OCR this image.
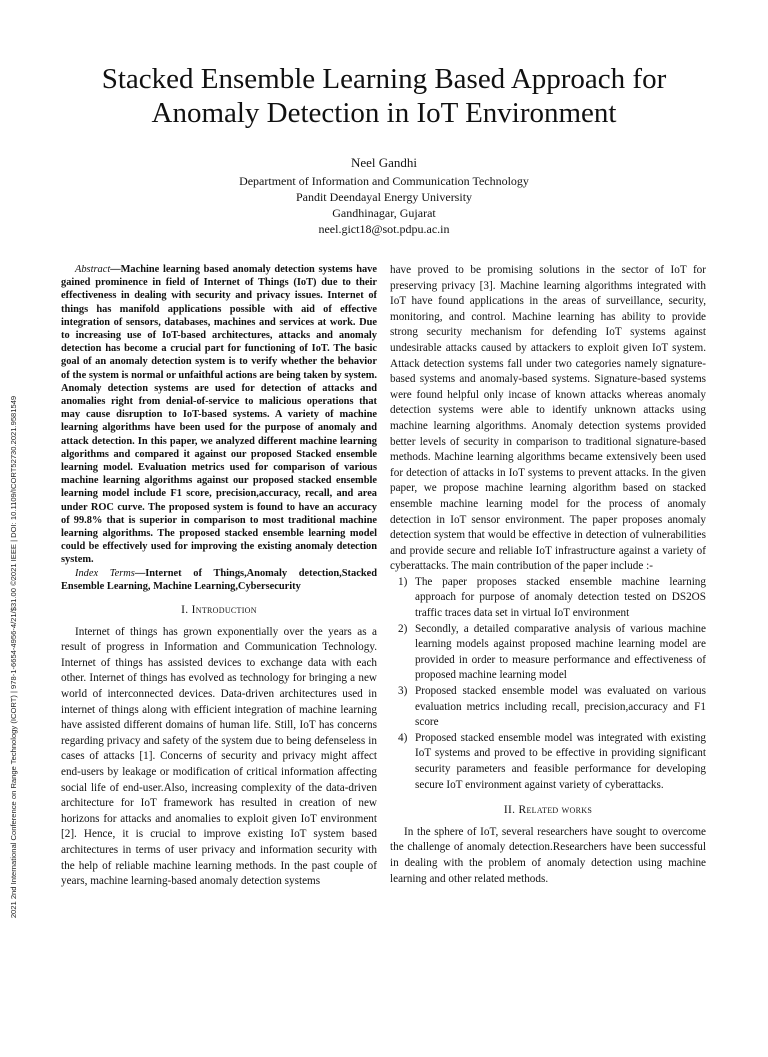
2021 2nd International Conference on Range Technology (ICORT) | 978-1-6654-4956-4/21/$31.00 ©2021 IEEE | DOI: 10.1109/ICORT52730.2021.9581549
Stacked Ensemble Learning Based Approach for Anomaly Detection in IoT Environment
Neel Gandhi
Department of Information and Communication Technology
Pandit Deendayal Energy University
Gandhinagar, Gujarat
neel.gict18@sot.pdpu.ac.in

Abstract—Machine learning based anomaly detection systems have gained prominence in field of Internet of Things (IoT) due to their effectiveness in dealing with security and privacy issues. Internet of things has manifold applications possible with aid of effective integration of sensors, databases, machines and services at work. Due to increasing use of IoT-based architectures, attacks and anomaly detection has become a crucial part for functioning of IoT. The basic goal of an anomaly detection system is to verify whether the behavior of the system is normal or unfaithful actions are being taken by system. Anomaly detection systems are used for detection of attacks and anomalies right from denial-of-service to malicious operations that may cause disruption to IoT-based systems. A variety of machine learning algorithms have been used for the purpose of anomaly and attack detection. In this paper, we analyzed different machine learning algorithms and compared it against our proposed Stacked ensemble learning model. Evaluation metrics used for comparison of various machine learning algorithms against our proposed stacked ensemble learning model include F1 score, precision,accuracy, recall, and area under ROC curve. The proposed system is found to have an accuracy of 99.8% that is superior in comparison to most traditional machine learning algorithms. The proposed stacked ensemble learning model could be effectively used for improving the existing anomaly detection system.

Index Terms—Internet of Things,Anomaly detection,Stacked Ensemble Learning, Machine Learning,Cybersecurity

I. Introduction

Internet of things has grown exponentially over the years as a result of progress in Information and Communication Technology. Internet of things has assisted devices to exchange data with each other. Internet of things has evolved as technology for bringing a new world of interconnected devices. Data-driven architectures used in internet of things along with efficient integration of machine learning have assisted different domains of human life. Still, IoT has concerns regarding privacy and safety of the system due to being defenseless in cases of attacks [1]. Concerns of security and privacy might affect end-users by leakage or modification of critical information affecting social life of end-user.Also, increasing complexity of the data-driven architecture for IoT framework has resulted in creation of new horizons for attacks and anomalies to exploit given IoT environment [2]. Hence, it is crucial to improve existing IoT system based architectures in terms of user privacy and information security with the help of reliable machine learning methods. In the past couple of years, machine learning-based anomaly detection systems

have proved to be promising solutions in the sector of IoT for preserving privacy [3]. Machine learning algorithms integrated with IoT have found applications in the areas of surveillance, security, monitoring, and control. Machine learning has ability to provide strong security mechanism for defending IoT systems against undesirable attacks caused by attackers to exploit given IoT system. Attack detection systems fall under two categories namely signature-based systems and anomaly-based systems. Signature-based systems were found helpful only incase of known attacks whereas anomaly detection systems were able to identify unknown attacks using machine learning algorithms. Anomaly detection systems provided better levels of security in comparison to traditional signature-based methods. Machine learning algorithms became extensively been used for detection of attacks in IoT systems to prevent attacks. In the given paper, we propose machine learning algorithm based on stacked ensemble machine learning model for the process of anomaly detection in IoT sensor environment. The paper proposes anomaly detection system that would be effective in detection of vulnerabilities and provide secure and reliable IoT infrastructure against a variety of cyberattacks. The main contribution of the paper include :-

1) The paper proposes stacked ensemble machine learning approach for purpose of anomaly detection tested on DS2OS traffic traces data set in virtual IoT environment
2) Secondly, a detailed comparative analysis of various machine learning models against proposed machine learning model are provided in order to measure performance and effectiveness of proposed machine learning model
3) Proposed stacked ensemble model was evaluated on various evaluation metrics including recall, precision,accuracy and F1 score
4) Proposed stacked ensemble model was integrated with existing IoT systems and proved to be effective in providing significant security parameters and feasible performance for developing secure IoT environment against variety of cyberattacks.
II. Related works

In the sphere of IoT, several researchers have sought to overcome the challenge of anomaly detection.Researchers have been successful in dealing with the problem of anomaly detection using machine learning and other related methods.
